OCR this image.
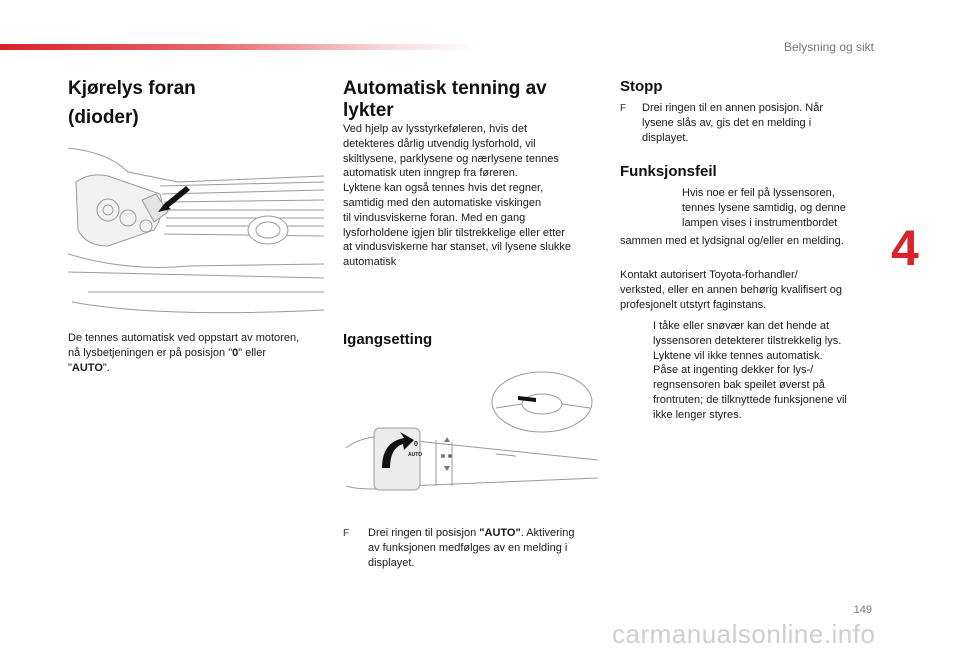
Belysning og sikt
Kjørelys foran
(dioder)
De tennes automatisk ved oppstart av motoren,
nå lysbetjeningen er på posisjon "0" eller
"AUTO".
Automatisk tenning av
lykter
Ved hjelp av lysstyrkeføleren, hvis det
detekteres dårlig utvendig lysforhold, vil
skiltlysene, parklysene og nærlysene tennes
automatisk uten inngrep fra føreren.
Lyktene kan også tennes hvis det regner,
samtidig med den automatiske viskingen
til vindusviskerne foran. Med en gang
lysforholdene igjen blir tilstrekkelige eller etter
at vindusviskerne har stanset, vil lysene slukke
automatisk
Igangsetting
0
AUTO
F Drei ringen til posisjon "AUTO". Aktivering
av funksjonen medfølges av en melding i
displayet.
Stopp
F Drei ringen til en annen posisjon. Når
lysene slås av, gis det en melding i
displayet.
Funksjonsfeil
Hvis noe er feil på lyssensoren,
tennes lysene samtidig, og denne
lampen vises i instrumentbordet
sammen med et lydsignal og/eller en melding.
Kontakt autorisert Toyota-forhandler/
verksted, eller en annen behørig kvalifisert og
profesjonelt utstyrt faginstans.
I tåke eller snøvær kan det hende at
lyssensoren detekterer tilstrekkelig lys.
Lyktene vil ikke tennes automatisk.
Påse at ingenting dekker for lys-/
regnsensoren bak speilet øverst på
frontruten; de tilknyttede funksjonene vil
ikke lenger styres.
4
149
carmanualsonline.info
